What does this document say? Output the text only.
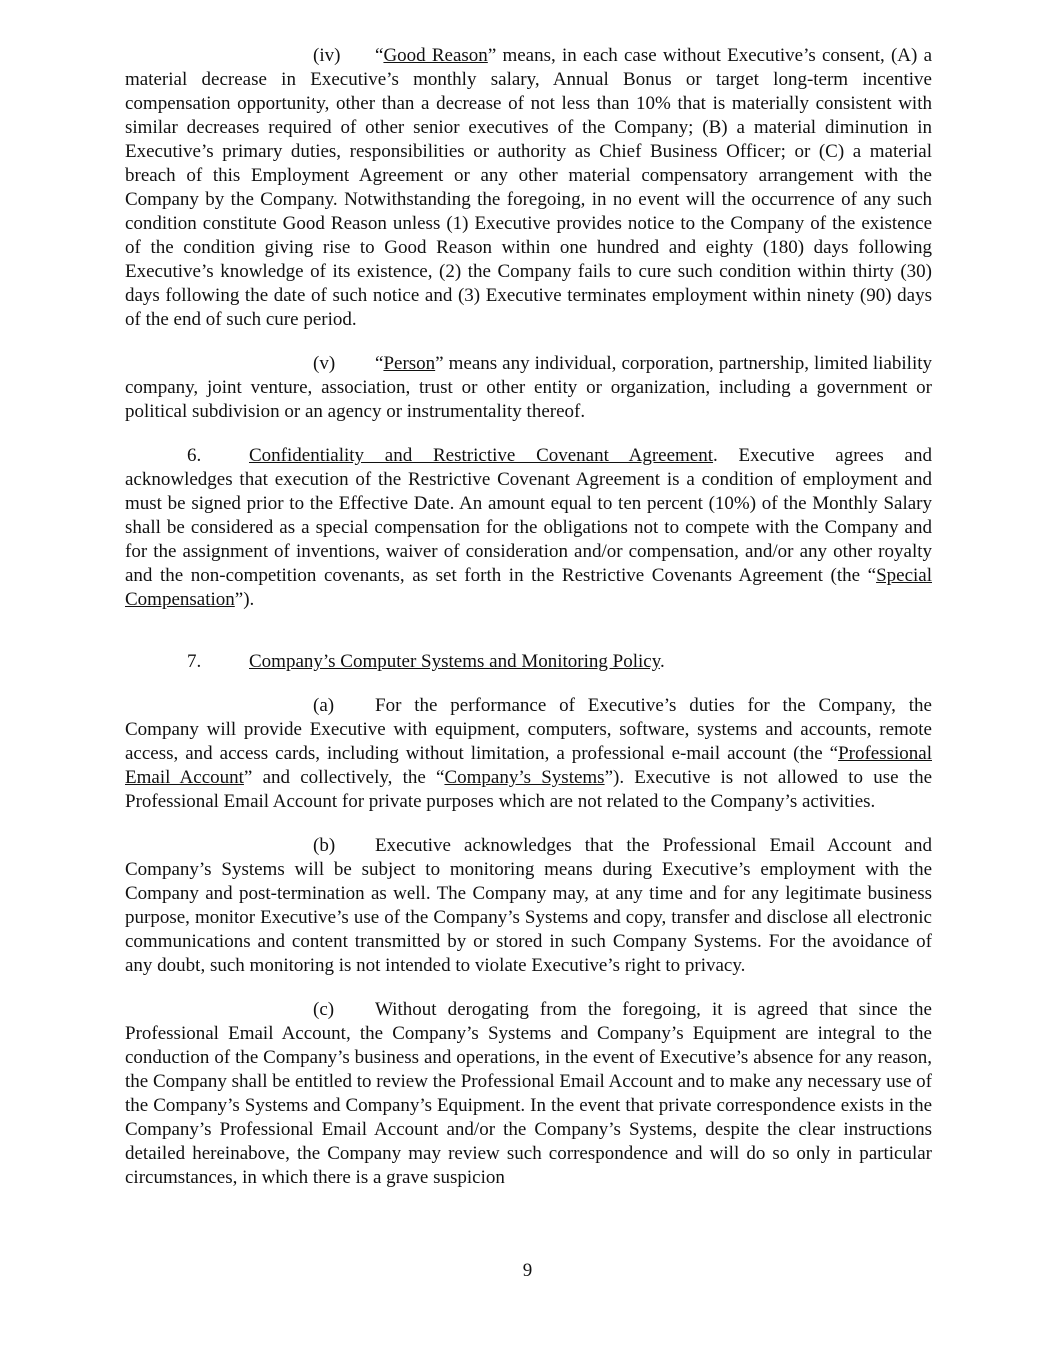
(iv) “Good Reason” means, in each case without Executive’s consent, (A) a material decrease in Executive’s monthly salary, Annual Bonus or target long-term incentive compensation opportunity, other than a decrease of not less than 10% that is materially consistent with similar decreases required of other senior executives of the Company; (B) a material diminution in Executive’s primary duties, responsibilities or authority as Chief Business Officer; or (C) a material breach of this Employment Agreement or any other material compensatory arrangement with the Company by the Company. Notwithstanding the foregoing, in no event will the occurrence of any such condition constitute Good Reason unless (1) Executive provides notice to the Company of the existence of the condition giving rise to Good Reason within one hundred and eighty (180) days following Executive’s knowledge of its existence, (2) the Company fails to cure such condition within thirty (30) days following the date of such notice and (3) Executive terminates employment within ninety (90) days of the end of such cure period.

(v) “Person” means any individual, corporation, partnership, limited liability company, joint venture, association, trust or other entity or organization, including a government or political subdivision or an agency or instrumentality thereof.

6.	Confidentiality and Restrictive Covenant Agreement. Executive agrees and acknowledges that execution of the Restrictive Covenant Agreement is a condition of employment and must be signed prior to the Effective Date. An amount equal to ten percent (10%) of the Monthly Salary shall be considered as a special compensation for the obligations not to compete with the Company and for the assignment of inventions, waiver of consideration and/or compensation, and/or any other royalty and the non-competition covenants, as set forth in the Restrictive Covenants Agreement (the “Special Compensation”).

7.	Company’s Computer Systems and Monitoring Policy.

(a) For the performance of Executive’s duties for the Company, the Company will provide Executive with equipment, computers, software, systems and accounts, remote access, and access cards, including without limitation, a professional e-mail account (the “Professional Email Account” and collectively, the “Company’s Systems”). Executive is not allowed to use the Professional Email Account for private purposes which are not related to the Company’s activities.

(b) Executive acknowledges that the Professional Email Account and Company’s Systems will be subject to monitoring means during Executive’s employment with the Company and post-termination as well. The Company may, at any time and for any legitimate business purpose, monitor Executive’s use of the Company’s Systems and copy, transfer and disclose all electronic communications and content transmitted by or stored in such Company Systems. For the avoidance of any doubt, such monitoring is not intended to violate Executive’s right to privacy.

(c) Without derogating from the foregoing, it is agreed that since the Professional Email Account, the Company’s Systems and Company’s Equipment are integral to the conduction of the Company’s business and operations, in the event of Executive’s absence for any reason, the Company shall be entitled to review the Professional Email Account and to make any necessary use of the Company’s Systems and Company’s Equipment. In the event that private correspondence exists in the Company’s Professional Email Account and/or the Company’s Systems, despite the clear instructions detailed hereinabove, the Company may review such correspondence and will do so only in particular circumstances, in which there is a grave suspicion

9
